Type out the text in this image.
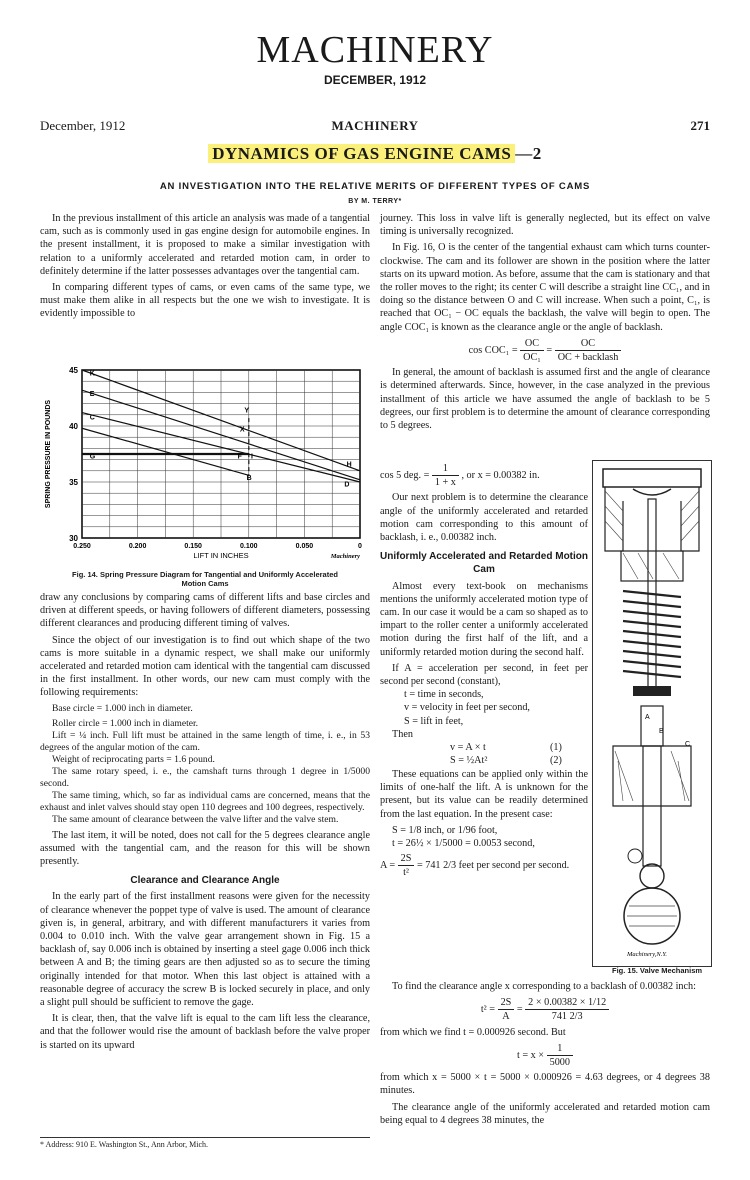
MACHINERY
DECEMBER, 1912
December, 1912	MACHINERY	271
DYNAMICS OF GAS ENGINE CAMS —2
AN INVESTIGATION INTO THE RELATIVE MERITS OF DIFFERENT TYPES OF CAMS
BY M. TERRY*

In the previous installment of this article an analysis was made of a tangential cam, such as is commonly used in gas engine design for automobile engines. In the present installment, it is proposed to make a similar investigation with relation to a uniformly accelerated and retarded motion cam, in order to definitely determine if the latter possesses advantages over the tangential cam.

In comparing different types of cams, or even cams of the same type, we must make them alike in all respects but the one we wish to investigate. It is evidently impossible to

30
35
40
45
0.250	0.200	0.150	0.100	0.050	0
SPRING PRESSURE IN POUNDS
LIFT IN INCHES	Machinery
K
E
C
G
Y
X
F I
B
H
D
Fig. 14. Spring Pressure Diagram for Tangential and Uniformly Accelerated Motion Cams

draw any conclusions by comparing cams of different lifts and base circles and driven at different speeds, or having followers of different diameters, possessing different clearances and producing different timing of valves.

Since the object of our investigation is to find out which shape of the two cams is more suitable in a dynamic respect, we shall make our uniformly accelerated and retarded motion cam identical with the tangential cam discussed in the first installment. In other words, our new cam must comply with the following requirements:

Base circle = 1.000 inch in diameter.

Roller circle = 1.000 inch in diameter.

Lift = ¼ inch. Full lift must be attained in the same length of time, i. e., in 53 degrees of the angular motion of the cam.

Weight of reciprocating parts = 1.6 pound.

The same rotary speed, i. e., the camshaft turns through 1 degree in 1/5000 second.

The same timing, which, so far as individual cams are concerned, means that the exhaust and inlet valves should stay open 110 degrees and 100 degrees, respectively.

The same amount of clearance between the valve lifter and the valve stem.

The last item, it will be noted, does not call for the 5 degrees clearance angle assumed with the tangential cam, and the reason for this will be shown presently.

Clearance and Clearance Angle

In the early part of the first installment reasons were given for the necessity of clearance whenever the poppet type of valve is used. The amount of clearance given is, in general, arbitrary, and with different manufacturers it varies from 0.004 to 0.010 inch. With the valve gear arrangement shown in Fig. 15 a backlash of, say 0.006 inch is obtained by inserting a steel gage 0.006 inch thick between A and B; the timing gears are then adjusted so as to secure the timing originally intended for that motor. When this last object is attained with a reasonable degree of accuracy the screw B is locked securely in place, and only a slight pull should be sufficient to remove the gage.

It is clear, then, that the valve lift is equal to the cam lift less the clearance, and that the follower would rise the amount of backlash before the valve proper is started on its upward

* Address: 910 E. Washington St., Ann Arbor, Mich.

journey. This loss in valve lift is generally neglected, but its effect on valve timing is universally recognized.

In Fig. 16, O is the center of the tangential exhaust cam which turns counter-clockwise. The cam and its follower are shown in the position where the latter starts on its upward motion. As before, assume that the cam is stationary and that the roller moves to the right; its center C will describe a straight line CC₁, and in doing so the distance between O and C will increase. When such a point, C₁, is reached that OC₁ − OC equals the backlash, the valve will begin to open. The angle COC₁ is known as the clearance angle or the angle of backlash.

$\cos COC_1 = \frac{OC}{\text{OC₁}} = \frac{OC}{\text{OC + backlash}}$

In general, the amount of backlash is assumed first and the angle of clearance is determined afterwards. Since, however, in the case analyzed in the previous installment of this article we have assumed the angle of backlash to be 5 degrees, our first problem is to determine the amount of clearance corresponding to 5 degrees.

cos 5 deg. = $\frac{1}{1 + x}$ , or x = 0.00382 in.

Our next problem is to determine the clearance angle of the uniformly accelerated and retarded motion cam corresponding to this amount of backlash, i. e., 0.00382 inch.

Uniformly Accelerated and Retarded Motion Cam

Almost every text-book on mechanisms mentions the uniformly accelerated motion type of cam. In our case it would be a cam so shaped as to impart to the roller center a uniformly accelerated motion during the first half of the lift, and a uniformly retarded motion during the second half.

If A = acceleration per second, in feet per second per second (constant),

t = time in seconds,

v = velocity in feet per second,

S = lift in feet,

Then

v = A × t	(1)
S = ½At²	(2)

These equations can be applied only within the limits of one-half the lift. A is unknown for the present, but its value can be readily determined from the last equation. In the present case:

S = 1/8 inch, or 1/96 foot,

t = 26½ × 1/5000 = 0.0053 second,

$A = \frac{2S}{\text{t²}} = 741$ 2/3 feet per second per second.
A
B
C
Machinery,N.Y.
Fig. 15. Valve Mechanism

To find the clearance angle x corresponding to a backlash of 0.00382 inch:

$t^2 = \frac{2S}{A} = \frac{2 \times 0.00382 \times 1/12}{741 2/3}$

from which we find t = 0.000926 second. But

$t = x \times \frac{1}{5000}$

from which x = 5000 × t = 5000 × 0.000926 = 4.63 degrees, or 4 degrees 38 minutes.

The clearance angle of the uniformly accelerated and retarded motion cam being equal to 4 degrees 38 minutes, the
